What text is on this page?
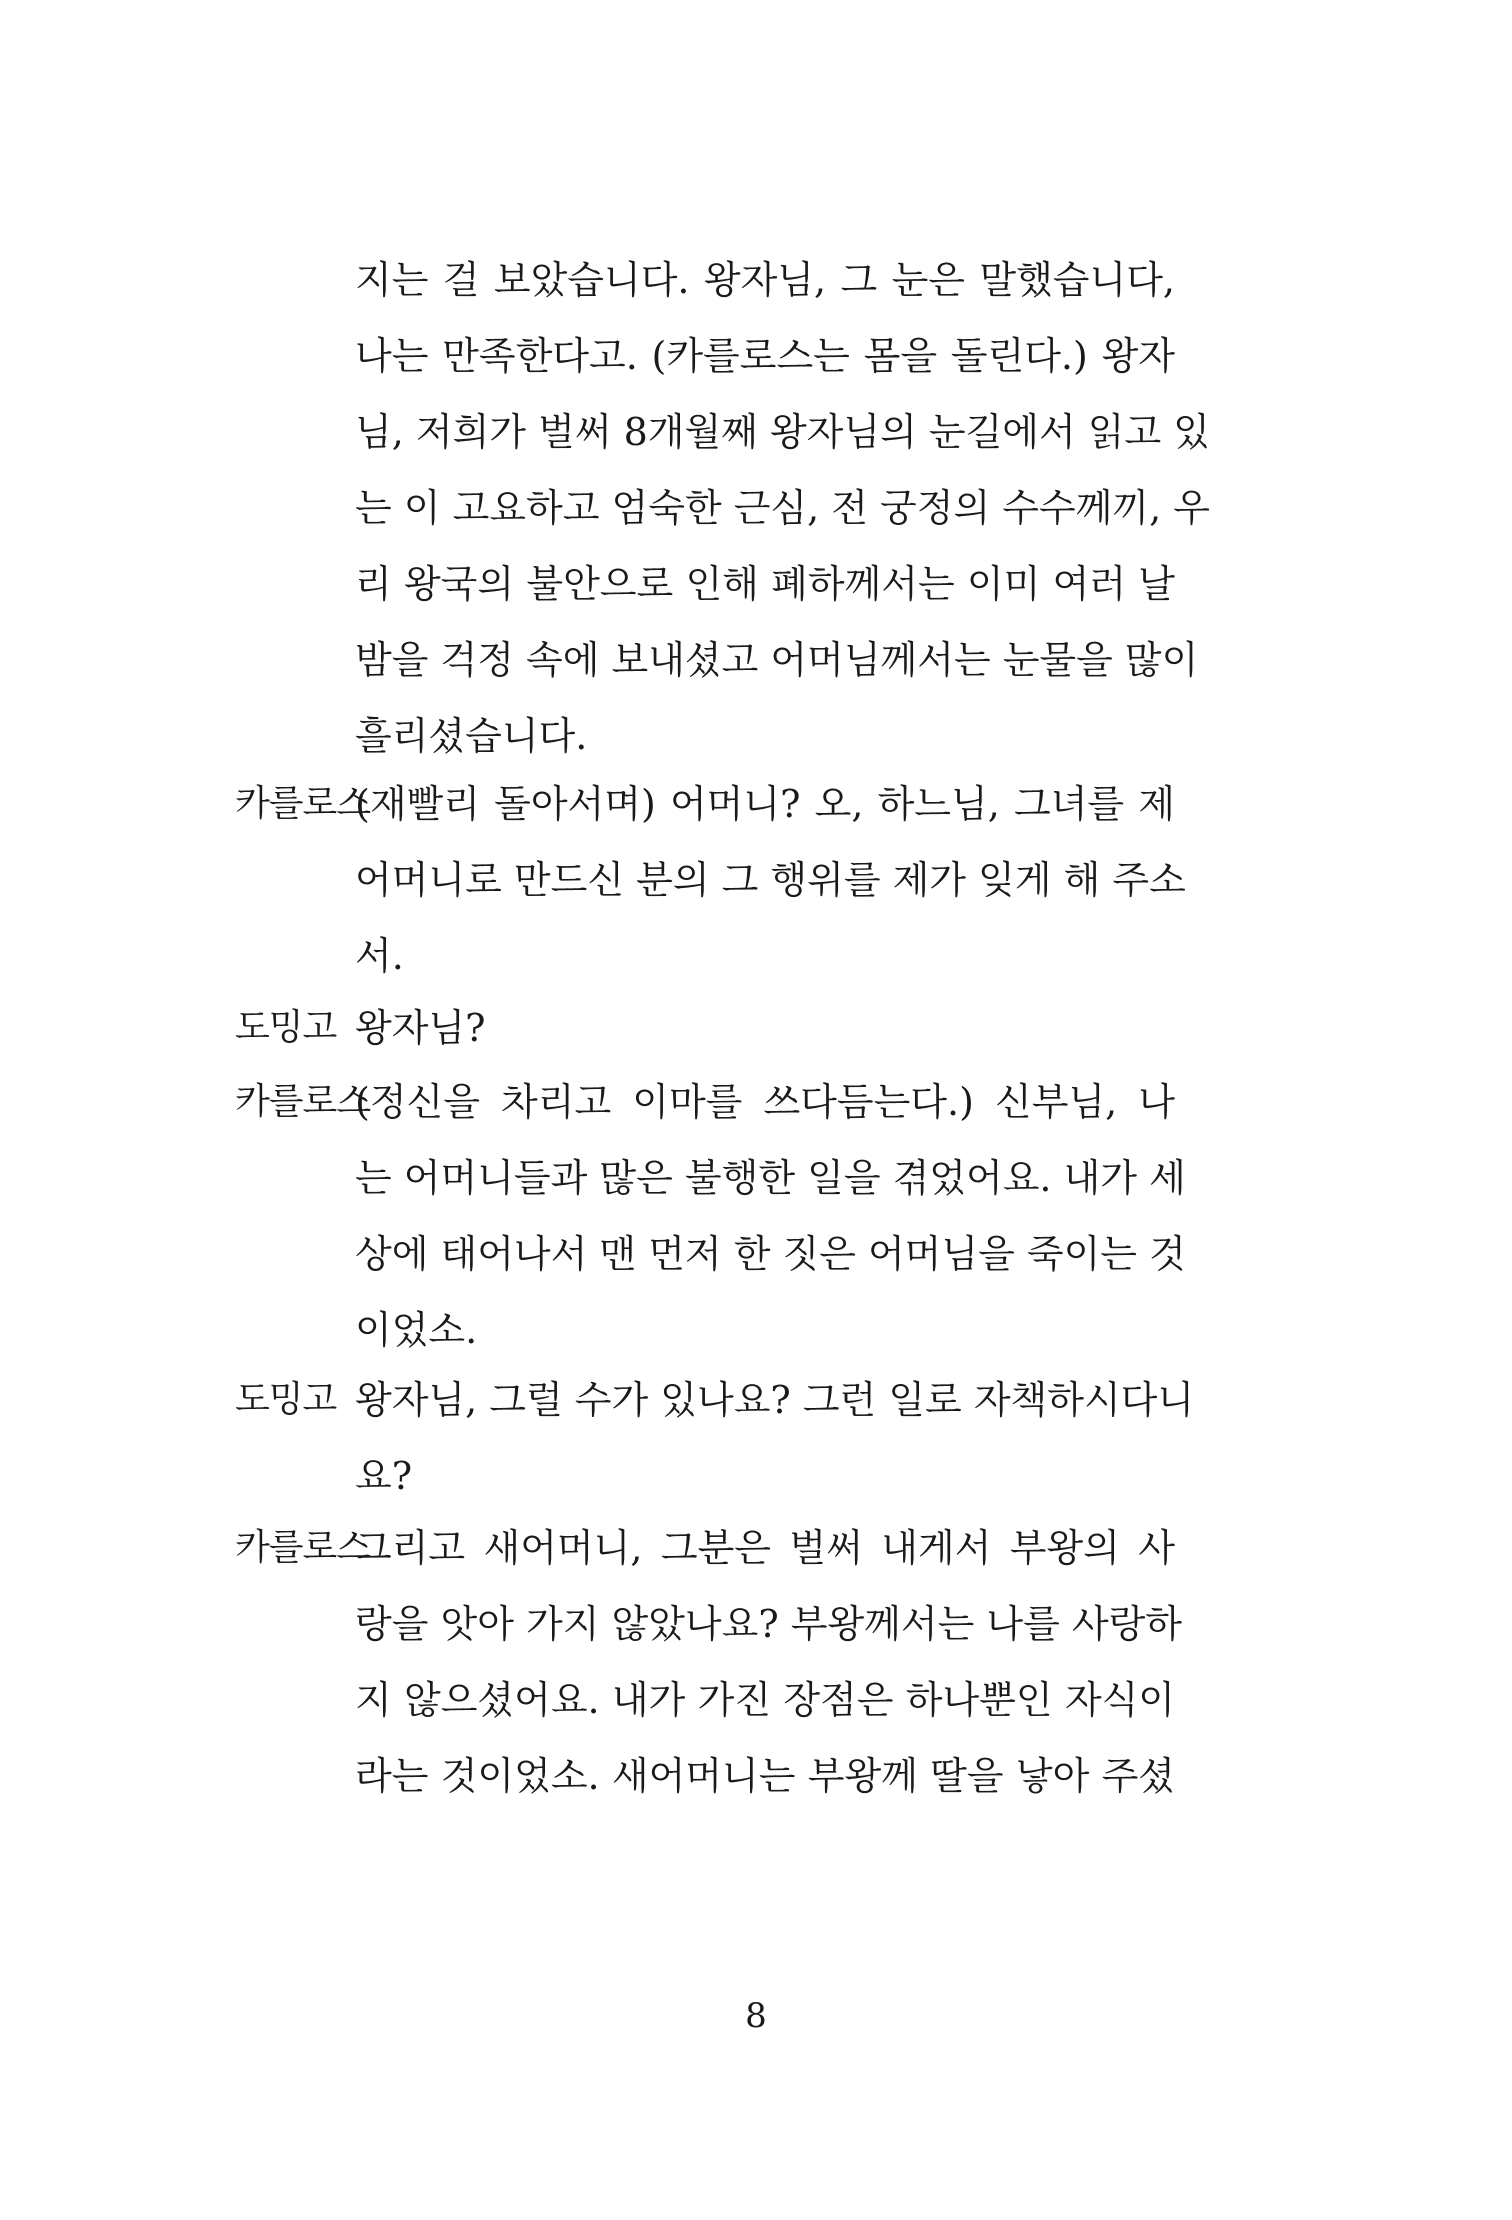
지는 걸 보았습니다. 왕자님, 그 눈은 말했습니다,
나는 만족한다고. (카를로스는 몸을 돌린다.) 왕자
님, 저희가 벌써 8개월째 왕자님의 눈길에서 읽고 있
는 이 고요하고 엄숙한 근심, 전 궁정의 수수께끼, 우
리 왕국의 불안으로 인해 폐하께서는 이미 여러 날
밤을 걱정 속에 보내셨고 어머님께서는 눈물을 많이
흘리셨습니다.
카를로스
(재빨리 돌아서며) 어머니? 오, 하느님, 그녀를 제
어머니로 만드신 분의 그 행위를 제가 잊게 해 주소
서.
도밍고 왕자님?
카를로스
(정신을 차리고 이마를 쓰다듬는다.) 신부님, 나
는 어머니들과 많은 불행한 일을 겪었어요. 내가 세
상에 태어나서 맨 먼저 한 짓은 어머님을 죽이는 것
이었소.
도밍고 왕자님, 그럴 수가 있나요? 그런 일로 자책하시다니
요?
카를로스
그리고 새어머니, 그분은 벌써 내게서 부왕의 사
랑을 앗아 가지 않았나요? 부왕께서는 나를 사랑하
지 않으셨어요. 내가 가진 장점은 하나뿐인 자식이
라는 것이었소. 새어머니는 부왕께 딸을 낳아 주셨
8
